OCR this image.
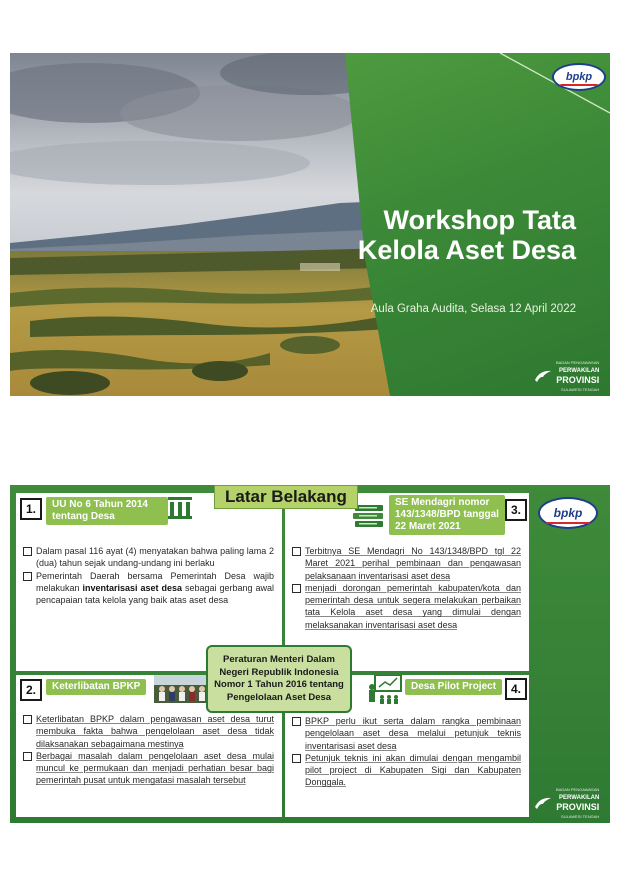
bpkp
Workshop Tata Kelola Aset Desa
Aula Graha Audita, Selasa 12 April 2022
BADAN PENGAWASAN
PERWAKILAN
PROVINSI
SULAWESI TENGAH
1.	UU No 6 Tahun 2014 tentang Desa
Dalam pasal 116 ayat (4) menyatakan bahwa paling lama 2 (dua) tahun sejak undang-undang ini berlaku
Pemerintah Daerah bersama Pemerintah Desa wajib melakukan inventarisasi aset desa sebagai gerbang awal pencapaian tata kelola yang baik atas aset desa
SE Mendagri nomor 143/1348/BPD tanggal 22 Maret 2021
3.
Terbitnya SE Mendagri No 143/1348/BPD tgl 22 Maret 2021 perihal pembinaan dan pengawasan pelaksanaan inventarisasi aset desa
menjadi dorongan pemerintah kabupaten/kota dan pemerintah desa untuk segera melakukan perbaikan tata Kelola aset desa yang dimulai dengan melaksanakan inventarisasi aset desa
2.	Keterlibatan BPKP
Keterlibatan BPKP dalam pengawasan aset desa turut membuka fakta bahwa pengelolaan aset desa tidak dilaksanakan sebagaimana mestinya
Berbagai masalah dalam pengelolaan aset desa mulai muncul ke permukaan dan menjadi perhatian besar bagi pemerintah pusat untuk mengatasi masalah tersebut
Desa Pilot Project	4.
BPKP perlu ikut serta dalam rangka pembinaan pengelolaan aset desa melalui petunjuk teknis inventarisasi aset desa
Petunjuk teknis ini akan dimulai dengan mengambil pilot project di Kabupaten Sigi dan Kabupaten Donggala.
Latar Belakang
Peraturan Menteri Dalam Negeri Republik Indonesia Nomor 1 Tahun 2016 tentang Pengelolaan Aset Desa
bpkp
BADAN PENGAWASAN
PERWAKILAN
PROVINSI
SULAWESI TENGAH
